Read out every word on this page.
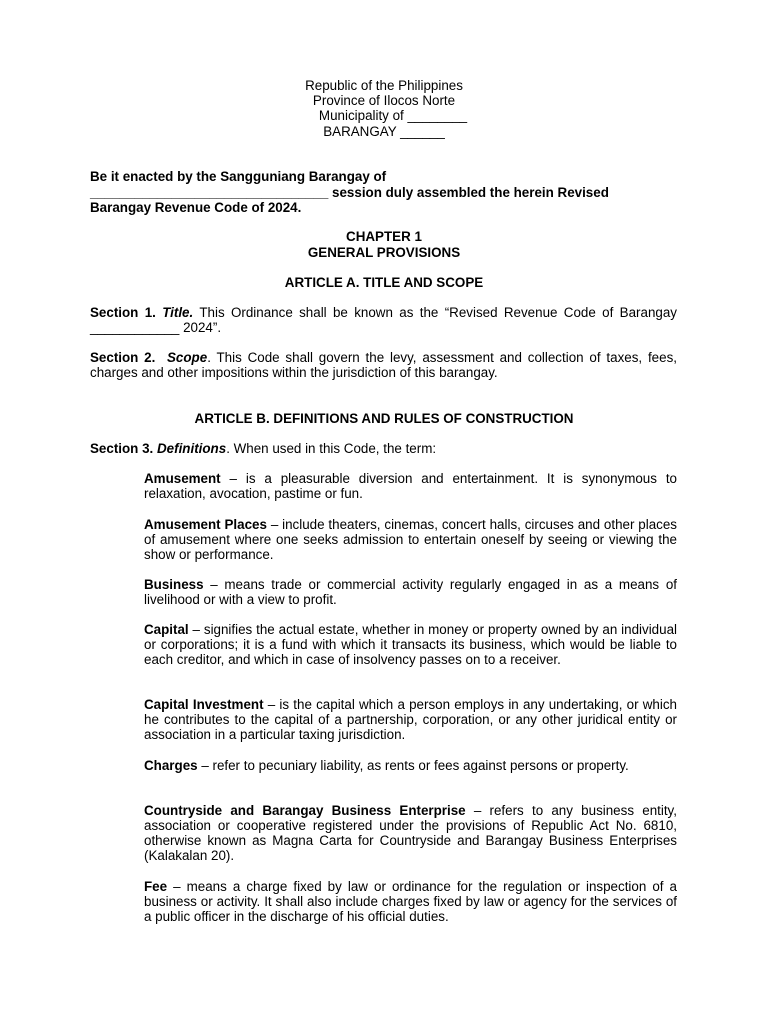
Republic of the Philippines
Province of Ilocos Norte
Municipality of ________
BARANGAY ______
Be it enacted by the Sangguniang Barangay of
________________________________ session duly assembled the herein Revised
Barangay Revenue Code of 2024.
CHAPTER 1
GENERAL PROVISIONS
ARTICLE A. TITLE AND SCOPE
Section 1. Title. This Ordinance shall be known as the “Revised Revenue Code of Barangay ____________ 2024”.
Section 2. Scope. This Code shall govern the levy, assessment and collection of taxes, fees, charges and other impositions within the jurisdiction of this barangay.
ARTICLE B. DEFINITIONS AND RULES OF CONSTRUCTION
Section 3. Definitions. When used in this Code, the term:
Amusement – is a pleasurable diversion and entertainment. It is synonymous to relaxation, avocation, pastime or fun.
Amusement Places – include theaters, cinemas, concert halls, circuses and other places of amusement where one seeks admission to entertain oneself by seeing or viewing the show or performance.
Business – means trade or commercial activity regularly engaged in as a means of livelihood or with a view to profit.
Capital – signifies the actual estate, whether in money or property owned by an individual or corporations; it is a fund with which it transacts its business, which would be liable to each creditor, and which in case of insolvency passes on to a receiver.
Capital Investment – is the capital which a person employs in any undertaking, or which he contributes to the capital of a partnership, corporation, or any other juridical entity or association in a particular taxing jurisdiction.
Charges – refer to pecuniary liability, as rents or fees against persons or property.
Countryside and Barangay Business Enterprise – refers to any business entity, association or cooperative registered under the provisions of Republic Act No. 6810, otherwise known as Magna Carta for Countryside and Barangay Business Enterprises (Kalakalan 20).
Fee – means a charge fixed by law or ordinance for the regulation or inspection of a business or activity. It shall also include charges fixed by law or agency for the services of a public officer in the discharge of his official duties.
